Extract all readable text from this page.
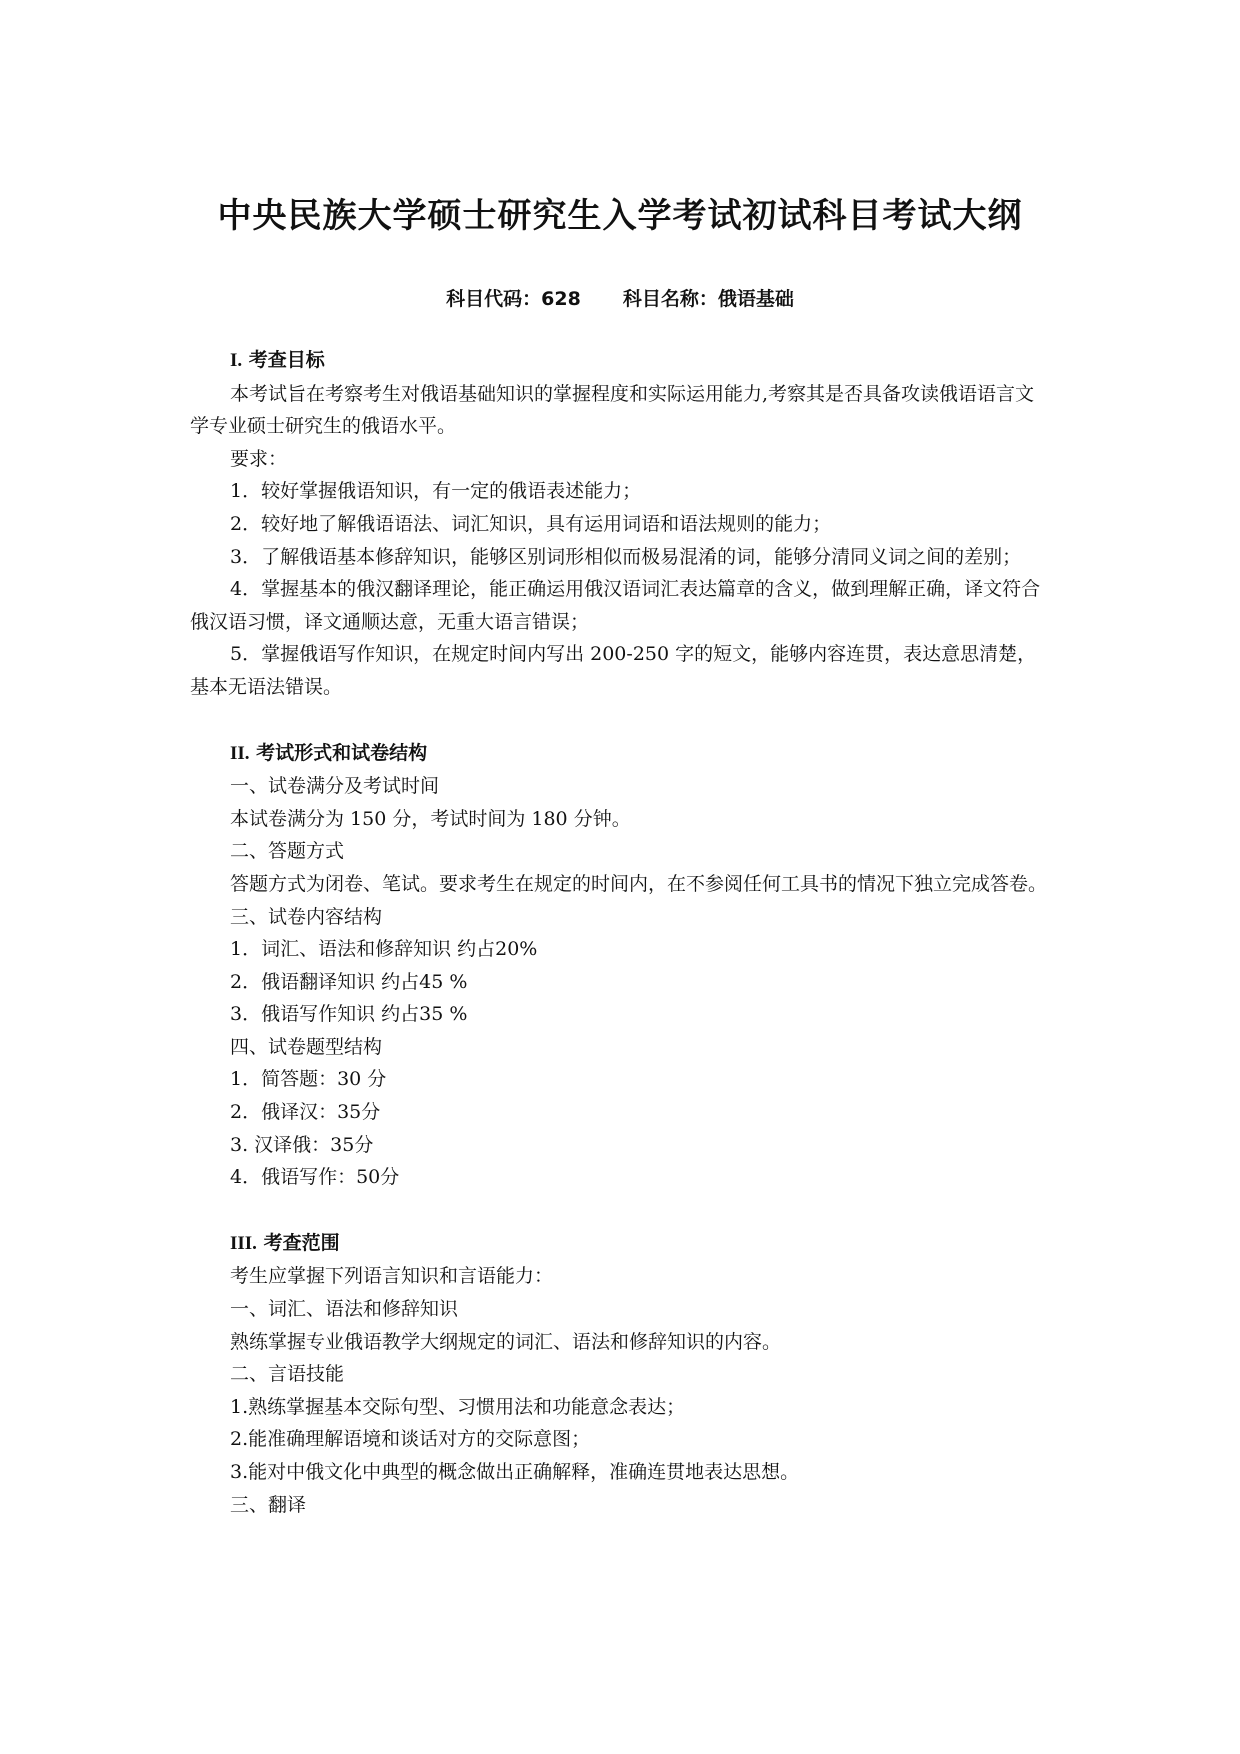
中央民族大学硕士研究生入学考试初试科目考试大纲
科目代码：628 科目名称：俄语基础

I. 考查目标

本考试旨在考察考生对俄语基础知识的掌握程度和实际运用能力,考察其是否具备攻读俄语语言文学专业硕士研究生的俄语水平。

要求：

1．较好掌握俄语知识，有一定的俄语表述能力；

2．较好地了解俄语语法、词汇知识，具有运用词语和语法规则的能力；

3．了解俄语基本修辞知识，能够区别词形相似而极易混淆的词，能够分清同义词之间的差别；

4．掌握基本的俄汉翻译理论，能正确运用俄汉语词汇表达篇章的含义，做到理解正确，译文符合俄汉语习惯，译文通顺达意，无重大语言错误；

5．掌握俄语写作知识，在规定时间内写出 200-250 字的短文，能够内容连贯，表达意思清楚，基本无语法错误。

II. 考试形式和试卷结构

一、试卷满分及考试时间

本试卷满分为 150 分，考试时间为 180 分钟。

二、答题方式

答题方式为闭卷、笔试。要求考生在规定的时间内，在不参阅任何工具书的情况下独立完成答卷。

三、试卷内容结构

1．词汇、语法和修辞知识 约占20%

2．俄语翻译知识 约占45 %

3．俄语写作知识 约占35 %

四、试卷题型结构

1．简答题：30 分

2．俄译汉：35分

3. 汉译俄：35分

4．俄语写作：50分

III. 考查范围

考生应掌握下列语言知识和言语能力：

一、词汇、语法和修辞知识

熟练掌握专业俄语教学大纲规定的词汇、语法和修辞知识的内容。

二、言语技能

1.熟练掌握基本交际句型、习惯用法和功能意念表达；

2.能准确理解语境和谈话对方的交际意图；

3.能对中俄文化中典型的概念做出正确解释，准确连贯地表达思想。

三、翻译
